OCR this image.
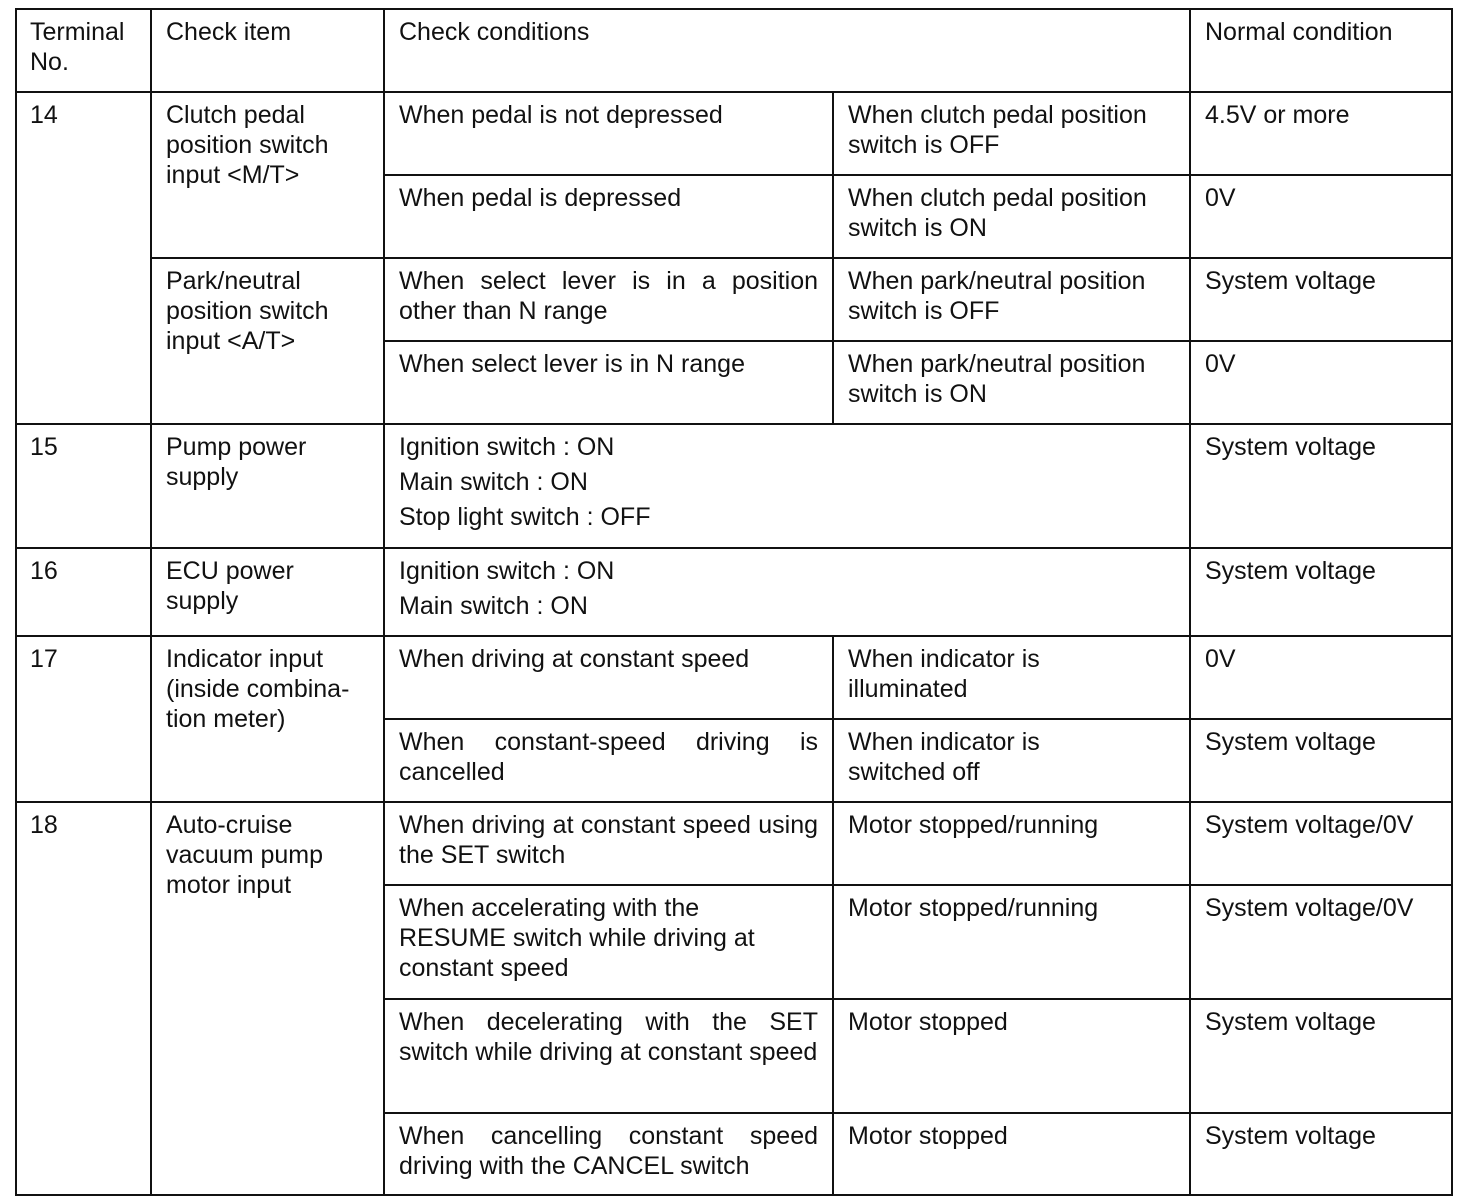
Terminal
No.	Check item	Check conditions		Normal condition
14	Clutch pedal
position switch
input <M/T>	When pedal is not depressed	When clutch pedal position
switch is OFF	4.5V or more
		When pedal is depressed	When clutch pedal position
switch is ON	0V

	Park/neutral
position switch
input <A/T>	When select lever is in a position other than N range	When park/neutral position
switch is OFF	System voltage
		When select lever is in N range	When park/neutral position
switch is ON	0V
15	Pump power
supply	Ignition switch : ON
Main switch : ON
Stop light switch : OFF		System voltage
16	ECU power
supply	Ignition switch : ON
Main switch : ON		System voltage
17	Indicator input
(inside combina-
tion meter)	When driving at constant speed	When indicator is
illuminated	0V
		When constant-speed driving is cancelled	When indicator is
switched off	System voltage
18	Auto-cruise
vacuum pump
motor input	When driving at constant speed using the SET switch	Motor stopped/running	System voltage/0V

		When accelerating with the
RESUME switch while driving at
constant speed	Motor stopped/running	System voltage/0V
		When decelerating with the SET switch while driving at constant speed	Motor stopped	System voltage
		When cancelling constant speed driving with the CANCEL switch	Motor stopped	System voltage
